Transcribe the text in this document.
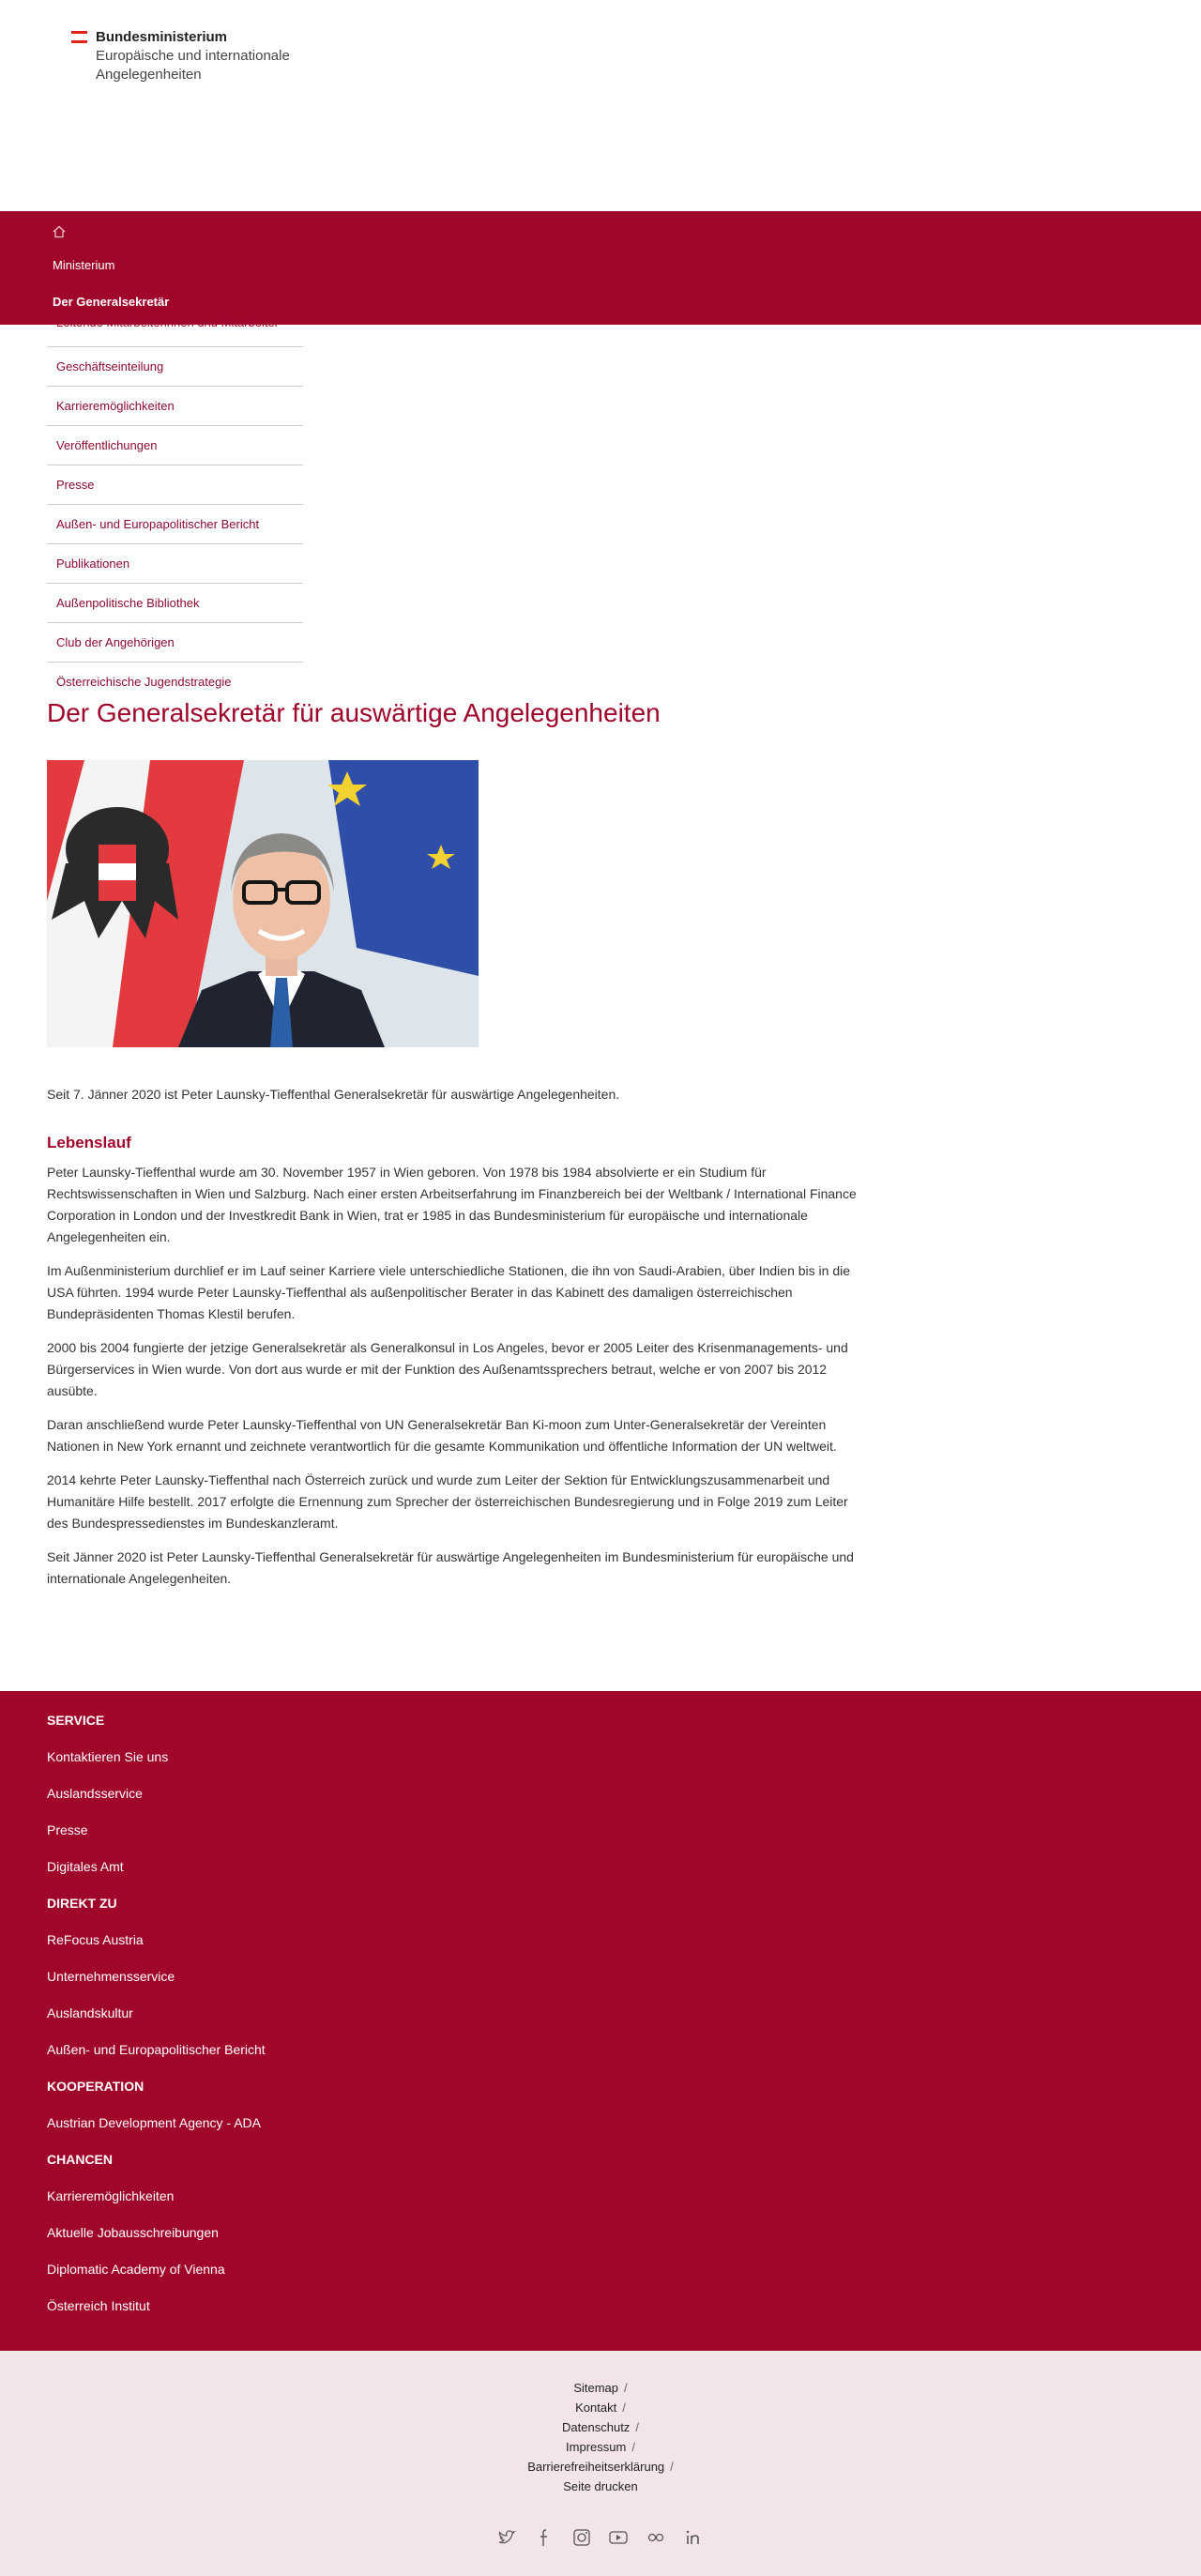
Bundesministerium
Europäische und internationale
Angelegenheiten
Ministerium
Der Generalsekretär
Leitende Mitarbeiterinnen und Mitarbeiter
Geschäftseinteilung
Karrieremöglichkeiten
Veröffentlichungen
Presse
Außen- und Europapolitischer Bericht
Publikationen
Außenpolitische Bibliothek
Club der Angehörigen
Österreichische Jugendstrategie
Der Generalsekretär für auswärtige Angelegenheiten

Seit 7. Jänner 2020 ist Peter Launsky-Tieffenthal Generalsekretär für auswärtige Angelegenheiten.

Lebenslauf

Peter Launsky-Tieffenthal wurde am 30. November 1957 in Wien geboren. Von 1978 bis 1984 absolvierte er ein Studium für Rechtswissenschaften in Wien und Salzburg. Nach einer ersten Arbeitserfahrung im Finanzbereich bei der Weltbank / International Finance Corporation in London und der Investkredit Bank in Wien, trat er 1985 in das Bundesministerium für europäische und internationale Angelegenheiten ein.

Im Außenministerium durchlief er im Lauf seiner Karriere viele unterschiedliche Stationen, die ihn von Saudi-Arabien, über Indien bis in die USA führten. 1994 wurde Peter Launsky-Tieffenthal als außenpolitischer Berater in das Kabinett des damaligen österreichischen Bundepräsidenten Thomas Klestil berufen.

2000 bis 2004 fungierte der jetzige Generalsekretär als Generalkonsul in Los Angeles, bevor er 2005 Leiter des Krisenmanagements- und Bürgerservices in Wien wurde. Von dort aus wurde er mit der Funktion des Außenamtssprechers betraut, welche er von 2007 bis 2012 ausübte.

Daran anschließend wurde Peter Launsky-Tieffenthal von UN Generalsekretär Ban Ki-moon zum Unter-Generalsekretär der Vereinten Nationen in New York ernannt und zeichnete verantwortlich für die gesamte Kommunikation und öffentliche Information der UN weltweit.

2014 kehrte Peter Launsky-Tieffenthal nach Österreich zurück und wurde zum Leiter der Sektion für Entwicklungszusammenarbeit und Humanitäre Hilfe bestellt. 2017 erfolgte die Ernennung zum Sprecher der österreichischen Bundesregierung und in Folge 2019 zum Leiter des Bundespressedienstes im Bundeskanzleramt.

Seit Jänner 2020 ist Peter Launsky-Tieffenthal Generalsekretär für auswärtige Angelegenheiten im Bundesministerium für europäische und internationale Angelegenheiten.

SERVICE
Kontaktieren Sie uns
Auslandsservice
Presse
Digitales Amt
DIREKT ZU
ReFocus Austria
Unternehmensservice
Auslandskultur
Außen- und Europapolitischer Bericht
KOOPERATION
Austrian Development Agency - ADA
CHANCEN
Karrieremöglichkeiten
Aktuelle Jobausschreibungen
Diplomatic Academy of Vienna
Österreich Institut
Sitemap /
Kontakt /
Datenschutz /
Impressum /
Barrierefreiheitserklärung /
Seite drucken
